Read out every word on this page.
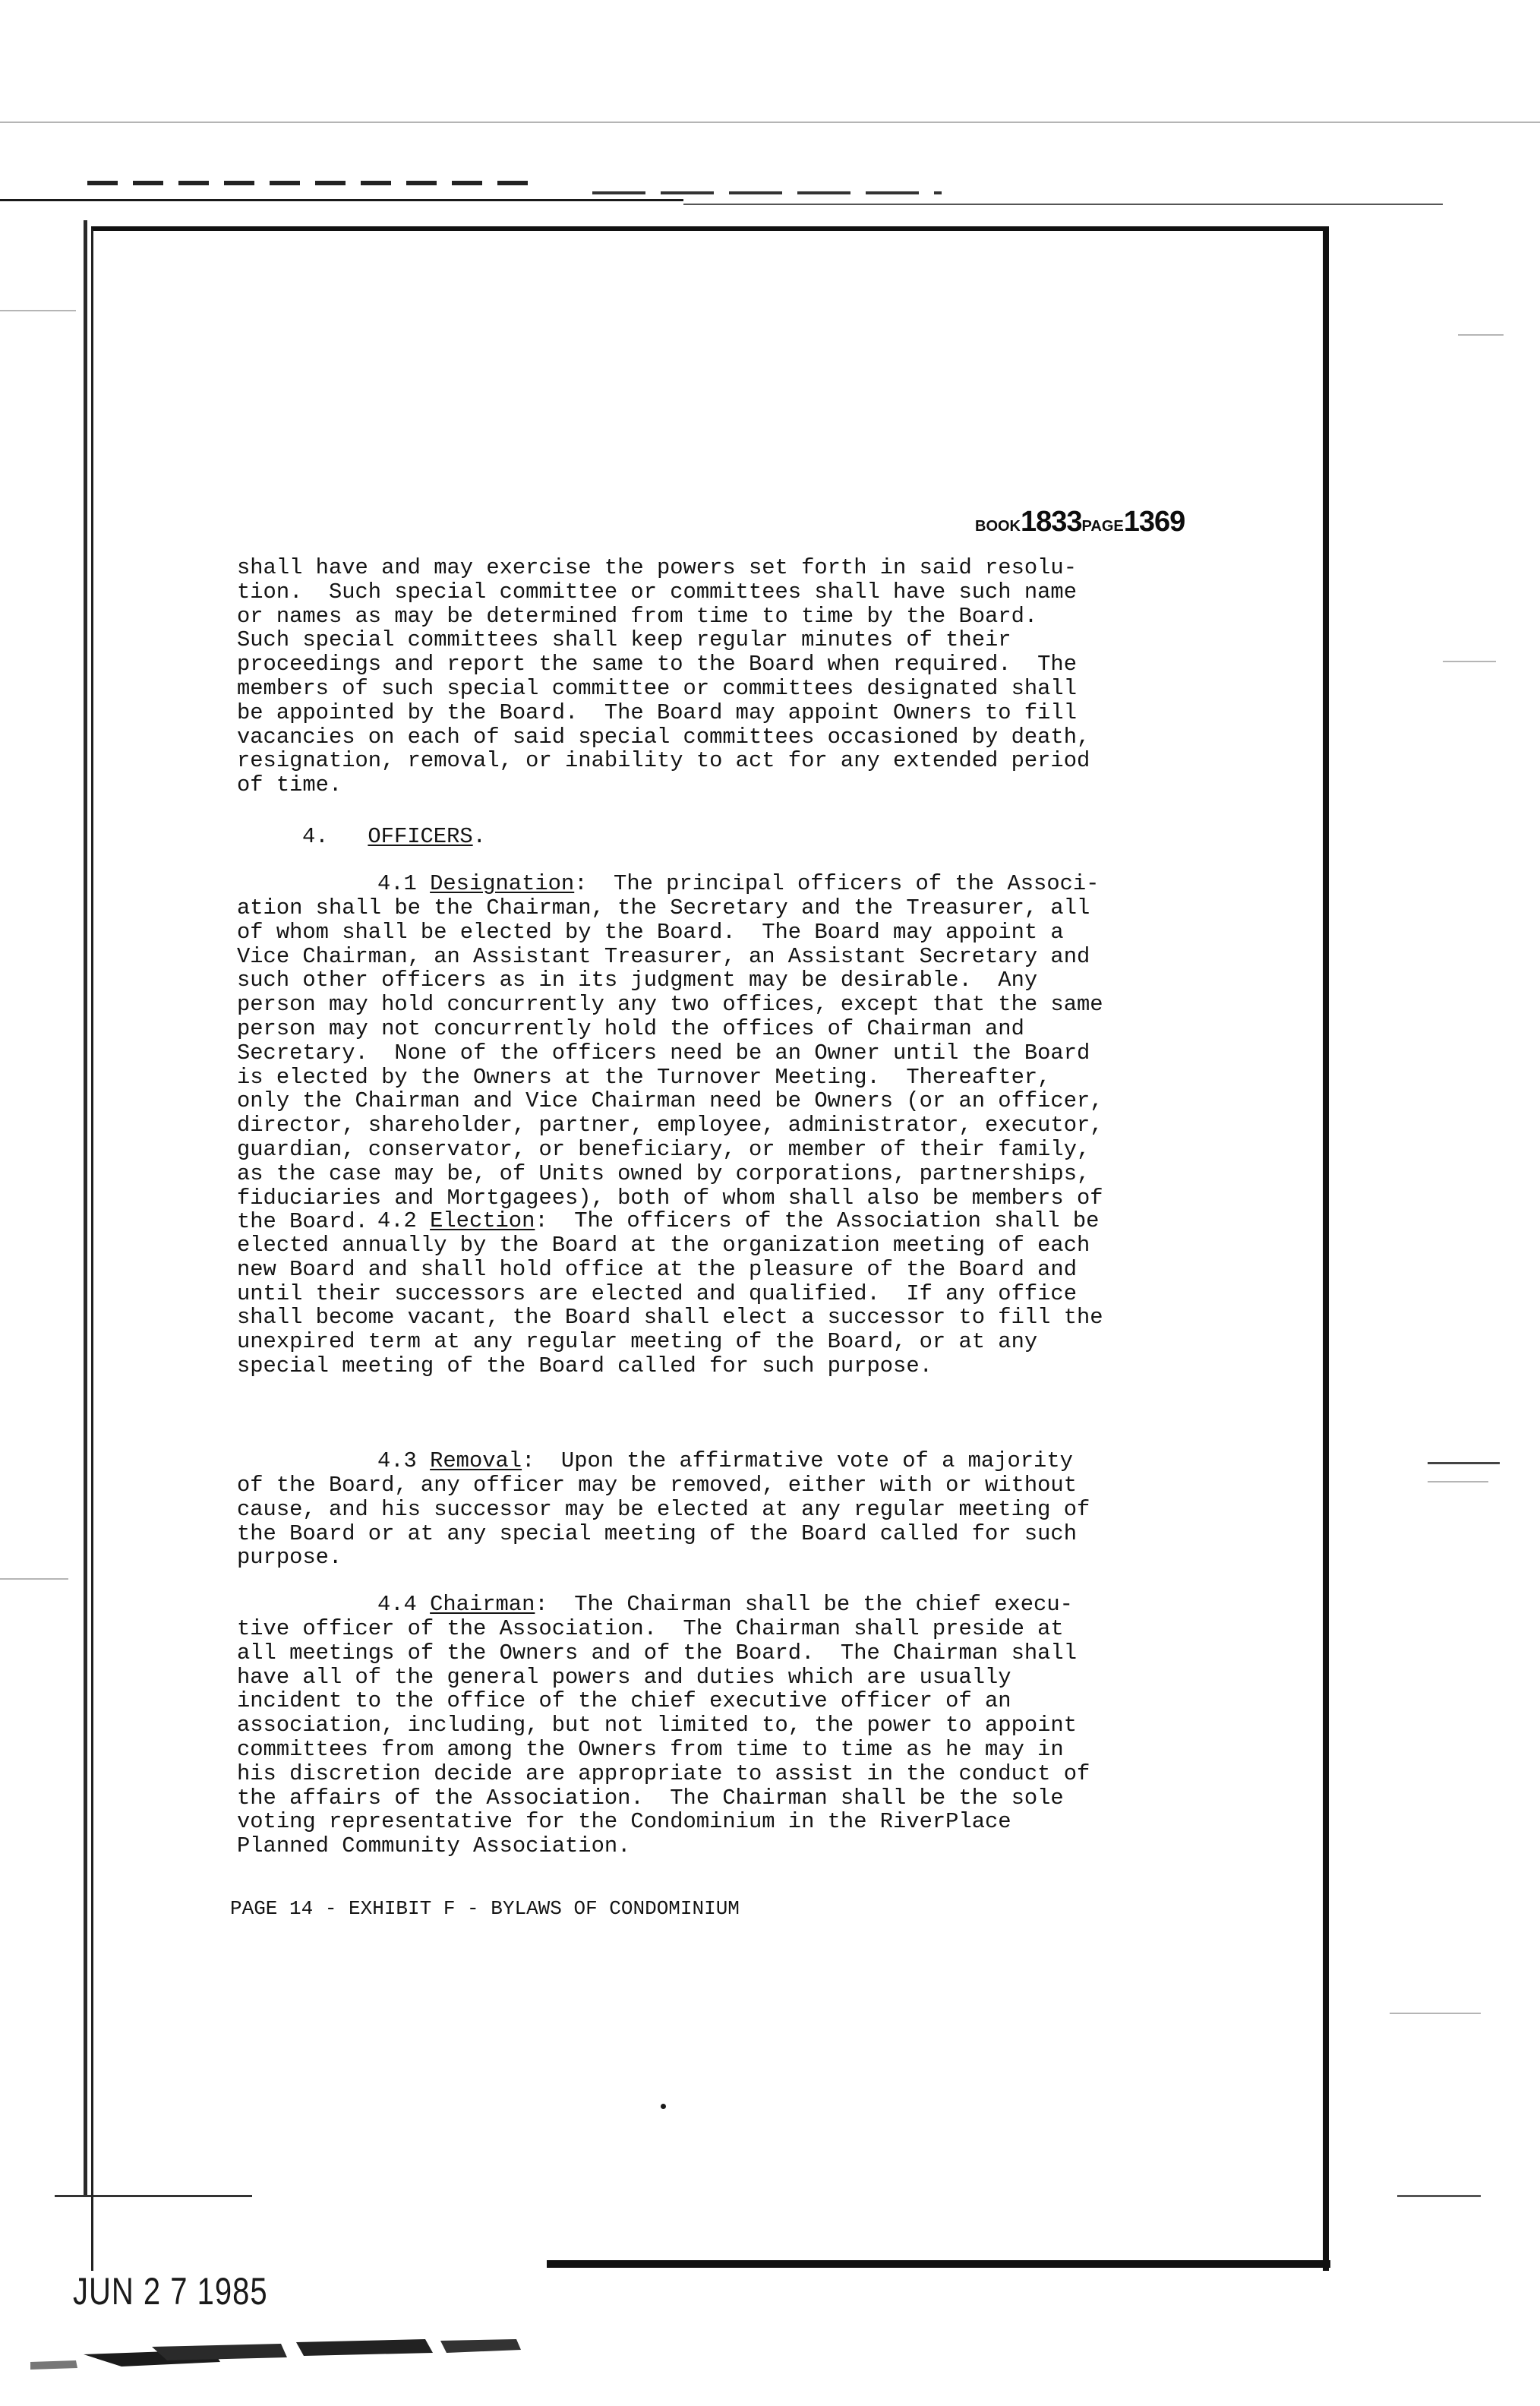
BOOK1833PAGE1369
shall have and may exercise the powers set forth in said resolu-
tion.  Such special committee or committees shall have such name
or names as may be determined from time to time by the Board.
Such special committees shall keep regular minutes of their
proceedings and report the same to the Board when required.  The
members of such special committee or committees designated shall
be appointed by the Board.  The Board may appoint Owners to fill
vacancies on each of said special committees occasioned by death,
resignation, removal, or inability to act for any extended period
of time.
4. OFFICERS.
4.1 Designation:  The principal officers of the Associ-
ation shall be the Chairman, the Secretary and the Treasurer, all
of whom shall be elected by the Board.  The Board may appoint a
Vice Chairman, an Assistant Treasurer, an Assistant Secretary and
such other officers as in its judgment may be desirable.  Any
person may hold concurrently any two offices, except that the same
person may not concurrently hold the offices of Chairman and
Secretary.  None of the officers need be an Owner until the Board
is elected by the Owners at the Turnover Meeting.  Thereafter,
only the Chairman and Vice Chairman need be Owners (or an officer,
director, shareholder, partner, employee, administrator, executor,
guardian, conservator, or beneficiary, or member of their family,
as the case may be, of Units owned by corporations, partnerships,
fiduciaries and Mortgagees), both of whom shall also be members of
the Board. 4.2 Election:  The officers of the Association shall be
elected annually by the Board at the organization meeting of each
new Board and shall hold office at the pleasure of the Board and
until their successors are elected and qualified.  If any office
shall become vacant, the Board shall elect a successor to fill the
unexpired term at any regular meeting of the Board, or at any
special meeting of the Board called for such purpose.
4.3 Removal:  Upon the affirmative vote of a majority
of the Board, any officer may be removed, either with or without
cause, and his successor may be elected at any regular meeting of
the Board or at any special meeting of the Board called for such
purpose.
4.4 Chairman:  The Chairman shall be the chief execu-
tive officer of the Association.  The Chairman shall preside at
all meetings of the Owners and of the Board.  The Chairman shall
have all of the general powers and duties which are usually
incident to the office of the chief executive officer of an
association, including, but not limited to, the power to appoint
committees from among the Owners from time to time as he may in
his discretion decide are appropriate to assist in the conduct of
the affairs of the Association.  The Chairman shall be the sole
voting representative for the Condominium in the RiverPlace
Planned Community Association.
PAGE 14 - EXHIBIT F - BYLAWS OF CONDOMINIUM
JUN 2 7 1985
